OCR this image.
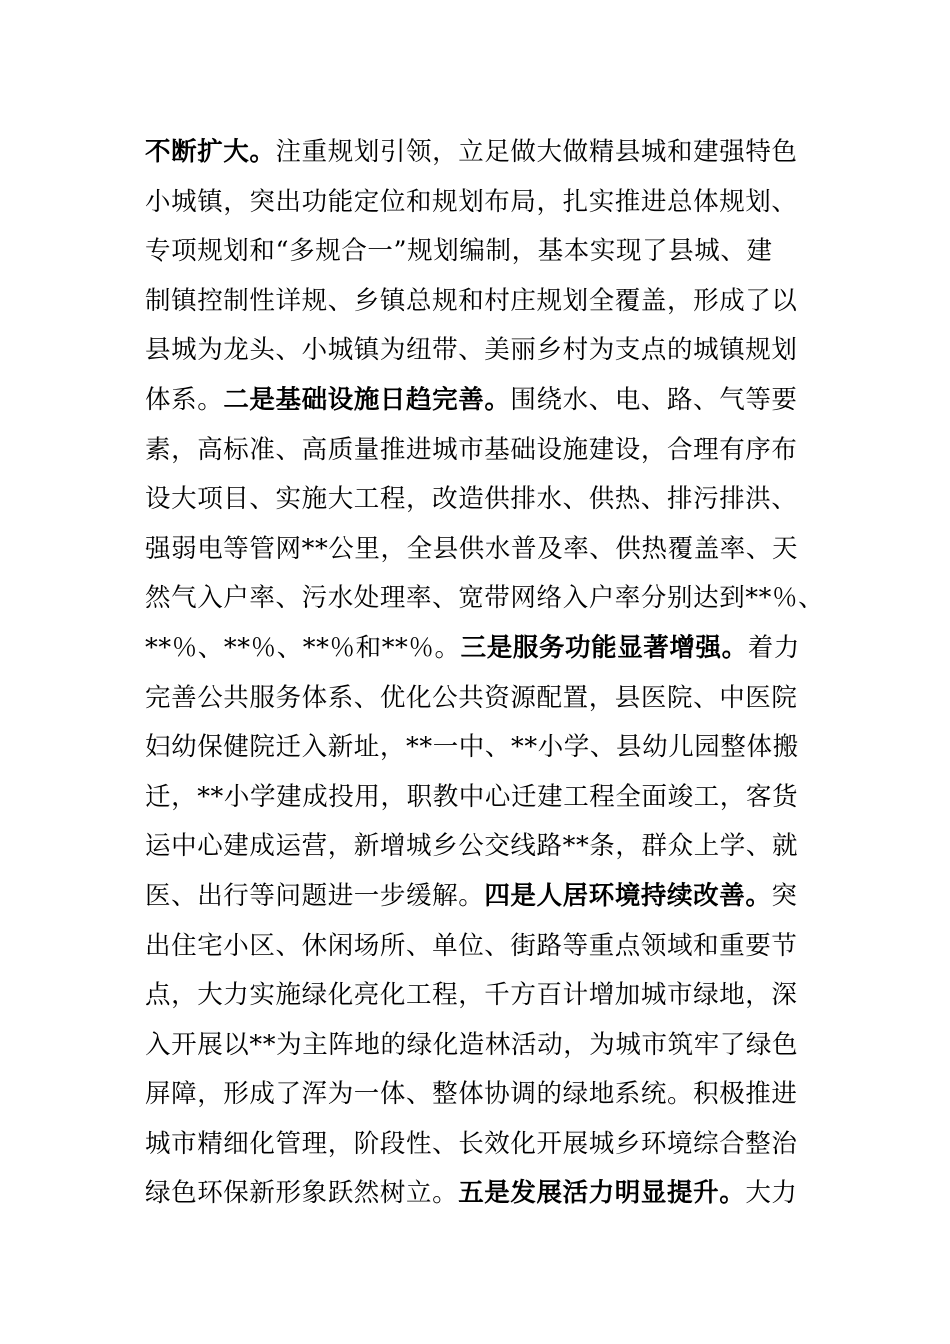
不断扩大。注重规划引领，立足做大做精县城和建强特色
小城镇，突出功能定位和规划布局，扎实推进总体规划、
专项规划和“多规合一”规划编制，基本实现了县城、建
制镇控制性详规、乡镇总规和村庄规划全覆盖，形成了以
县城为龙头、小城镇为纽带、美丽乡村为支点的城镇规划
体系。二是基础设施日趋完善。围绕水、电、路、气等要
素，高标准、高质量推进城市基础设施建设，合理有序布
设大项目、实施大工程，改造供排水、供热、排污排洪、
强弱电等管网**公里，全县供水普及率、供热覆盖率、天
然气入户率、污水处理率、宽带网络入户率分别达到**％、
**％、**％、**％和**％。三是服务功能显著增强。着力
完善公共服务体系、优化公共资源配置，县医院、中医院
妇幼保健院迁入新址，**一中、**小学、县幼儿园整体搬
迁，**小学建成投用，职教中心迁建工程全面竣工，客货
运中心建成运营，新增城乡公交线路**条，群众上学、就
医、出行等问题进一步缓解。四是人居环境持续改善。突
出住宅小区、休闲场所、单位、街路等重点领域和重要节
点，大力实施绿化亮化工程，千方百计增加城市绿地，深
入开展以**为主阵地的绿化造林活动，为城市筑牢了绿色
屏障，形成了浑为一体、整体协调的绿地系统。积极推进
城市精细化管理，阶段性、长效化开展城乡环境综合整治
绿色环保新形象跃然树立。五是发展活力明显提升。大力
